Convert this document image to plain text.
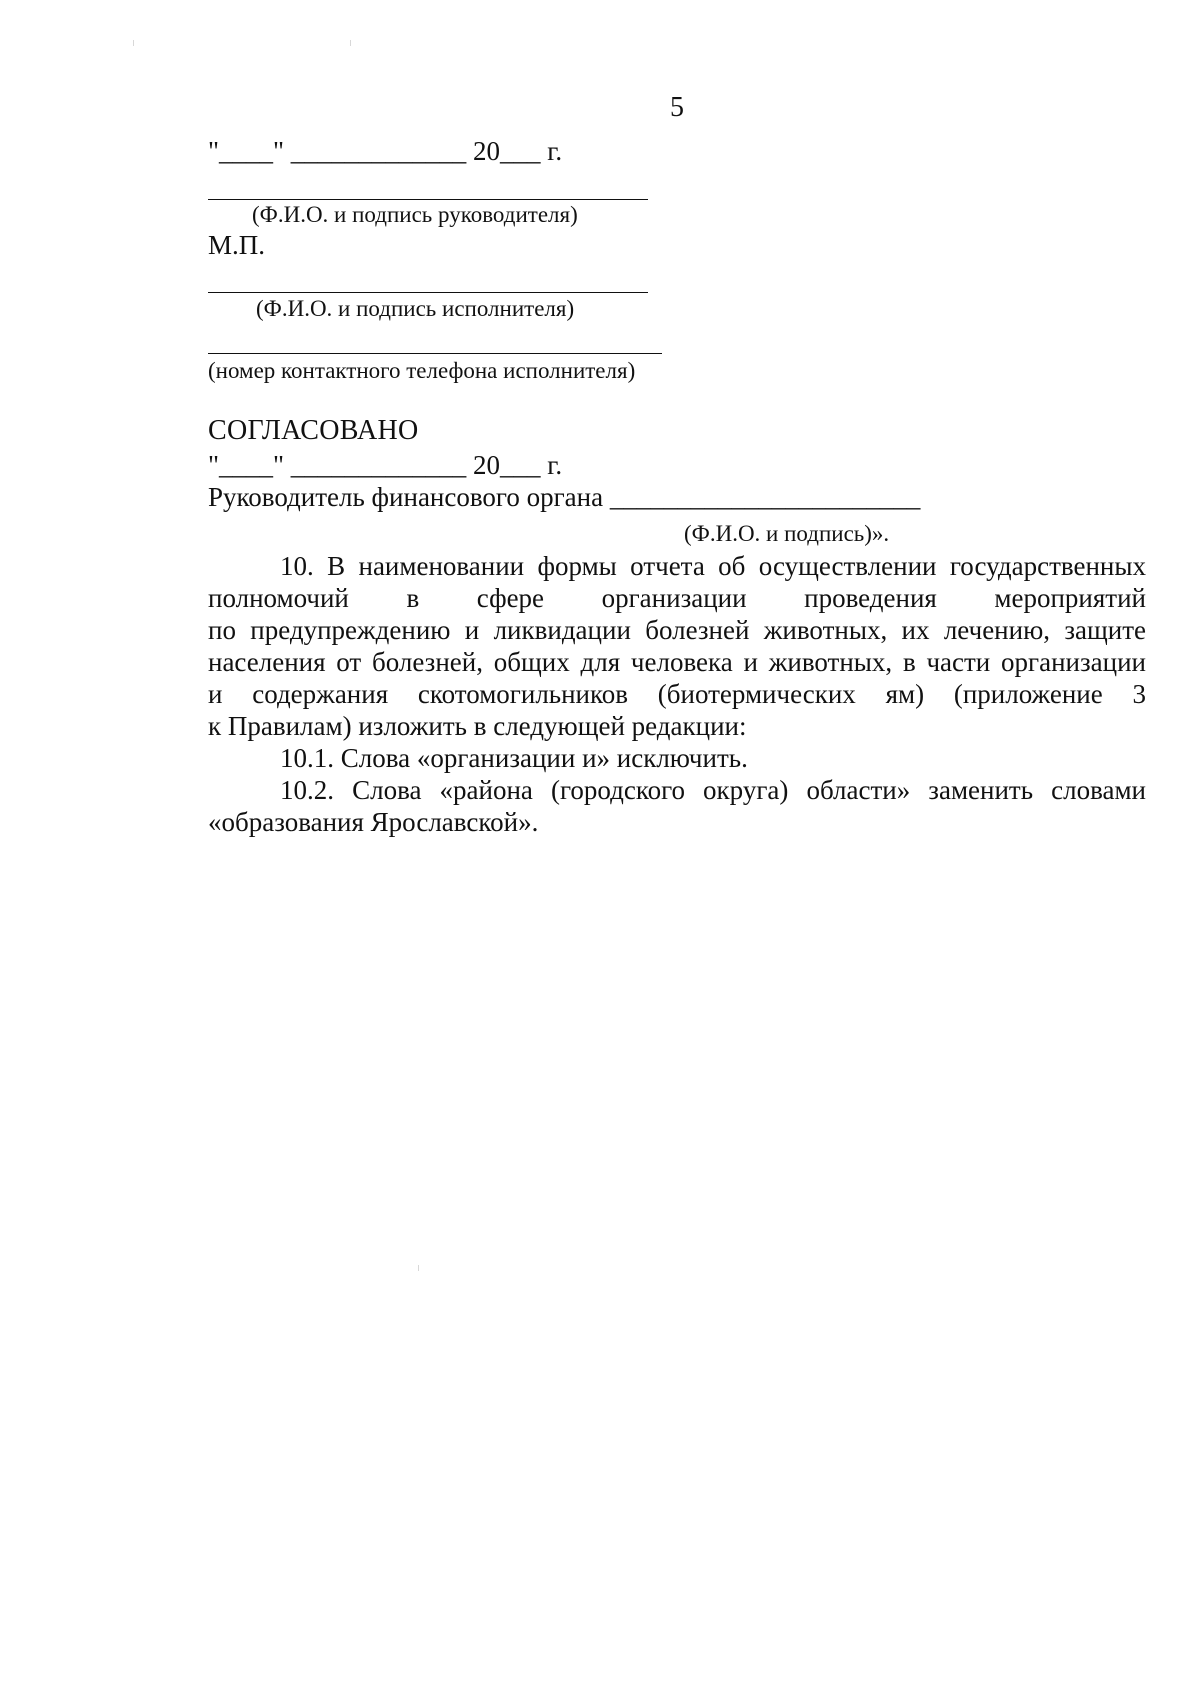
5
"____" _____________ 20___ г.
(Ф.И.О. и подпись руководителя)
М.П.
(Ф.И.О. и подпись исполнителя)
(номер контактного телефона исполнителя)
СОГЛАСОВАНО
"____" _____________ 20___ г.
Руководитель финансового органа _______________________
(Ф.И.О. и подпись)».
10. В наименовании формы отчета об осуществлении государственных
полномочий в сфере организации проведения мероприятий
по предупреждению и ликвидации болезней животных, их лечению, защите
населения от болезней, общих для человека и животных, в части организации
и содержания скотомогильников (биотермических ям) (приложение 3
к Правилам) изложить в следующей редакции:
10.1. Слова «организации и» исключить.
10.2. Слова «района (городского округа) области» заменить словами
«образования Ярославской».
